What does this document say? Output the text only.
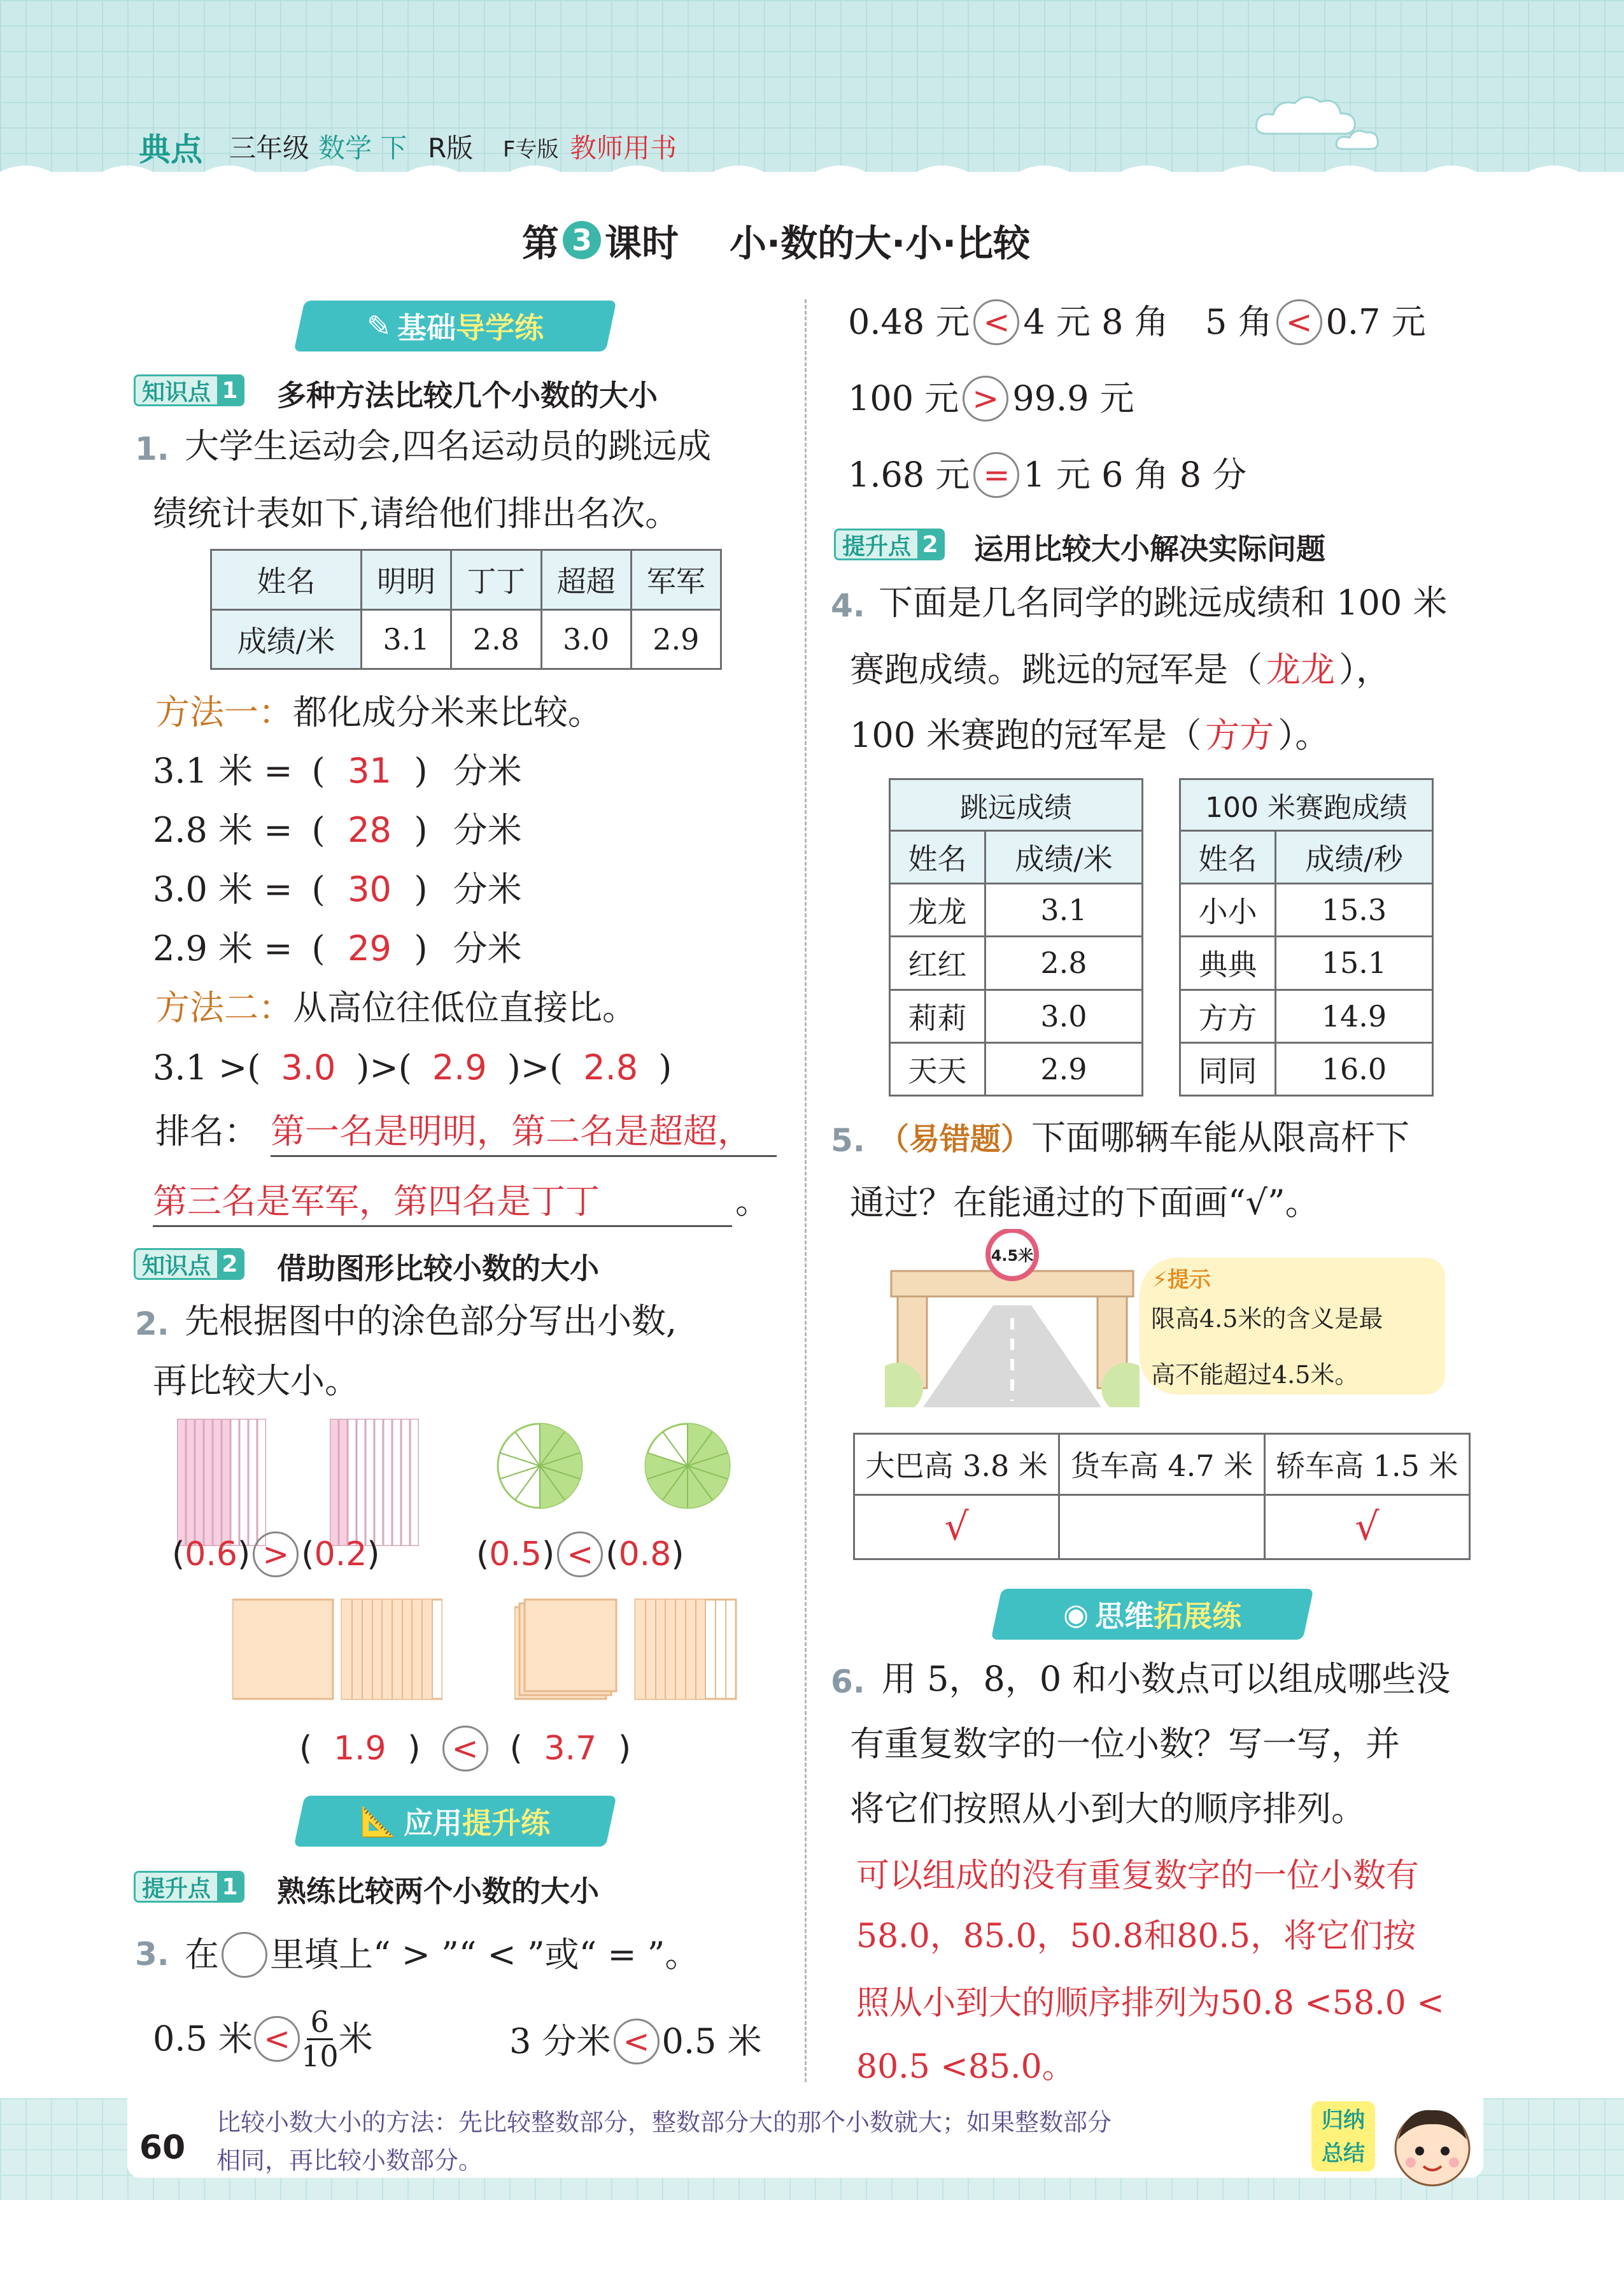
典点 三年级 数学 下 R版 F专版 教师用书
第 3 课时 小·数的大·小·比较
✎ 基础 导学练
知识点 1 多种方法比较几个小数的大小
1. 大学生运动会,四名运动员的跳远成
绩统计表如下,请给他们排出名次。
姓名	明明	丁丁	超超	军军
成绩/米	3.1	2.8	3.0	2.9
方法一：都化成分米来比较。
3.1 米 = ( 31 ) 分米
2.8 米 = ( 28 ) 分米
3.0 米 = ( 30 ) 分米
2.9 米 = ( 29 ) 分米
方法二：从高位往低位直接比。
3.1 >( 3.0 )>( 2.9 )>( 2.8 )
排名： 第一名是明明，第二名是超超，
第三名是军军，第四名是丁丁	。
知识点 2 借助图形比较小数的大小
2. 先根据图中的涂色部分写出小数,
再比较大小。
( 0.6 ) > ( 0.2 )	( 0.5 ) < ( 0.8 )
( 1.9 ) < ( 3.7 )
📐 应用 提升练
提升点 1 熟练比较两个小数的大小
3. 在 里填上“ > ”“ < ”或“ = ”。
0.5 米 < 6
10 米	3 分米 < 0.5 米
0.48 元 < 4 元 8 角 5 角 < 0.7 元
100 元 > 99.9 元
1.68 元 = 1 元 6 角 8 分
提升点 2 运用比较大小解决实际问题
4. 下面是几名同学的跳远成绩和 100 米
赛跑成绩。跳远的冠军是（ 龙龙 ），
100 米赛跑的冠军是（ 方方 ）。
跳远成绩	
姓名	成绩/米
龙龙	3.1
红红	2.8
莉莉	3.0
天天	2.9
100 米赛跑成绩	
姓名	成绩/秒
小小	15.3
典典	15.1
方方	14.9
同同	16.0
5. （易错题）下面哪辆车能从限高杆下
通过？在能通过的下面画“√”。
4.5米
⚡提示
限高4.5米的含义是最
高不能超过4.5米。
大巴高 3.8 米	货车高 4.7 米	轿车高 1.5 米
√		√
◉ 思维 拓展练
6. 用 5，8，0 和小数点可以组成哪些没
有重复数字的一位小数？写一写，并
将它们按照从小到大的顺序排列。
可以组成的没有重复数字的一位小数有
58.0，85.0，50.8和80.5，将它们按
照从小到大的顺序排列为50.8 <58.0 <
80.5 <85.0。
60
比较小数大小的方法：先比较整数部分，整数部分大的那个小数就大；如果整数部分
相同，再比较小数部分。
归纳
总结
